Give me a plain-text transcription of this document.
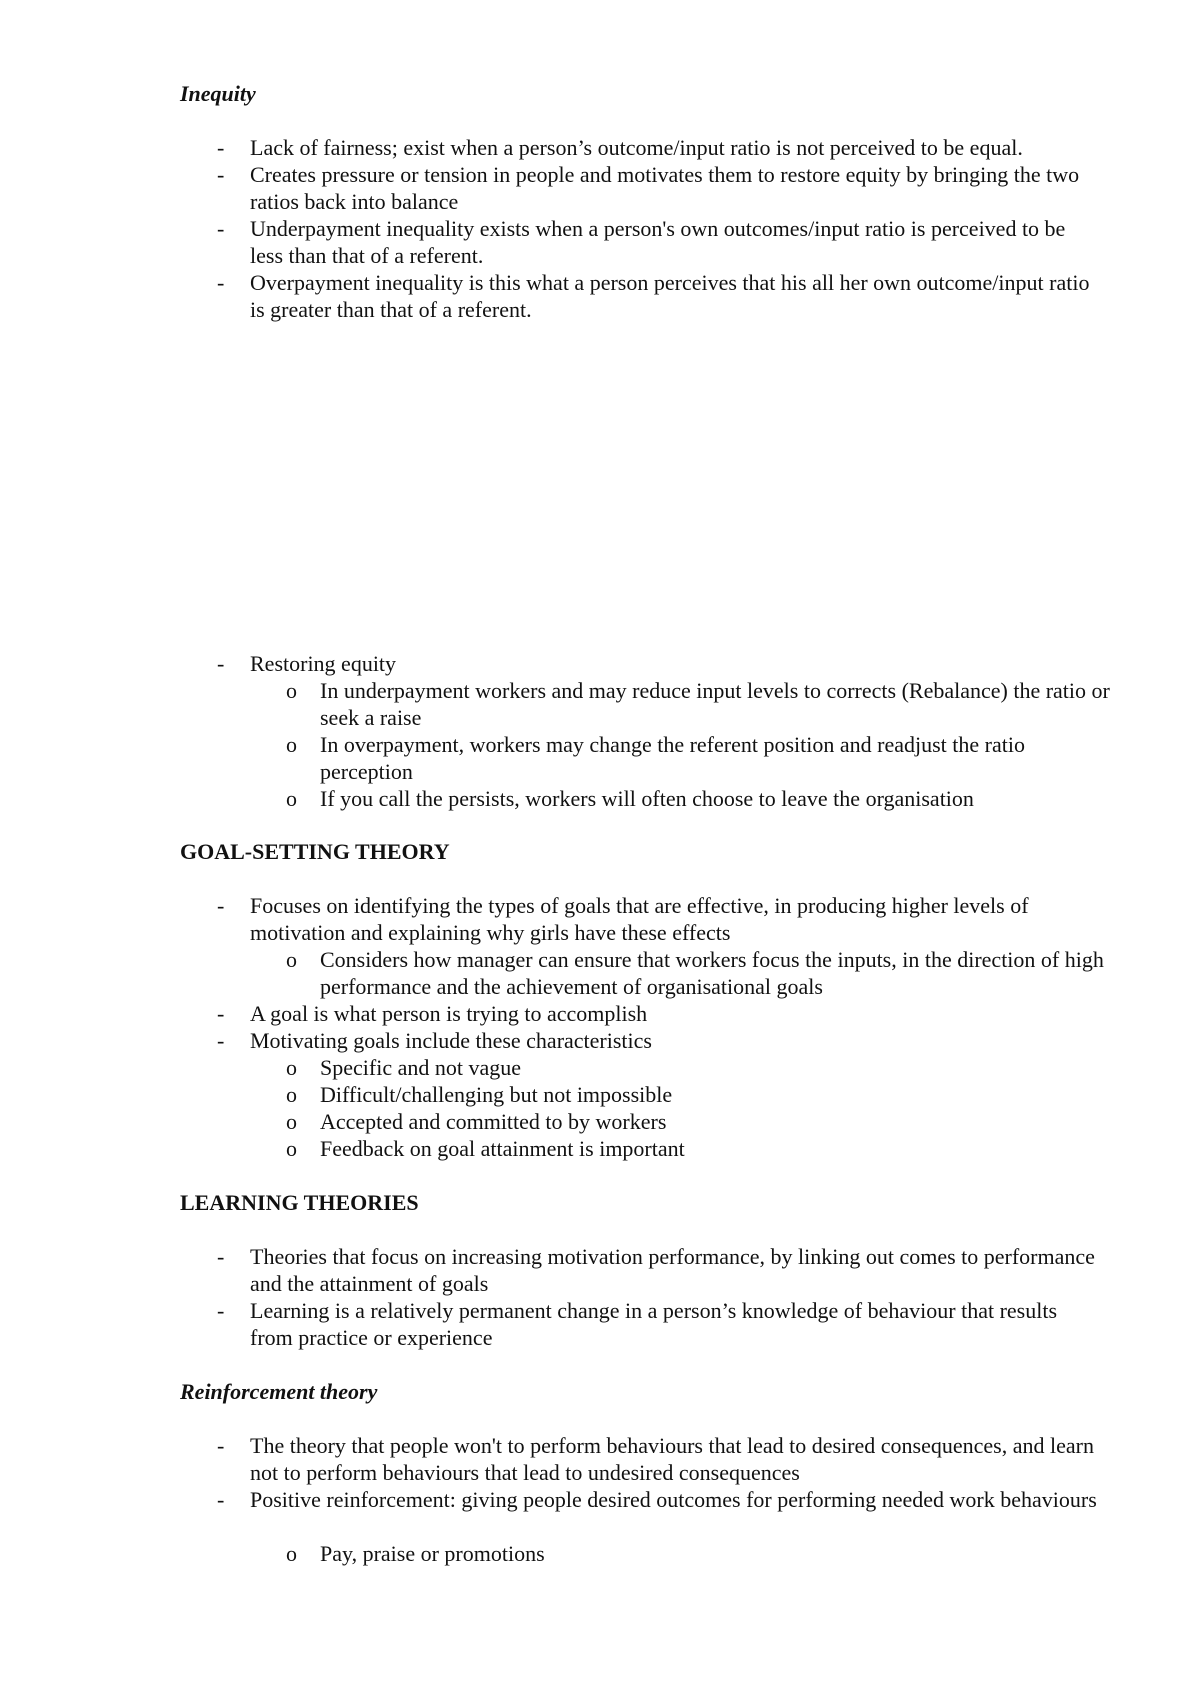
Inequity
- Lack of fairness; exist when a person’s outcome/input ratio is not perceived to be equal.
- Creates pressure or tension in people and motivates them to restore equity by bringing the two ratios back into balance
- Underpayment inequality exists when a person's own outcomes/input ratio is perceived to be less than that of a referent.
- Overpayment inequality is this what a person perceives that his all her own outcome/input ratio is greater than that of a referent.
- Restoring equity
o In underpayment workers and may reduce input levels to corrects (Rebalance) the ratio or seek a raise
o In overpayment, workers may change the referent position and readjust the ratio perception
o If you call the persists, workers will often choose to leave the organisation
GOAL-SETTING THEORY
- Focuses on identifying the types of goals that are effective, in producing higher levels of motivation and explaining why girls have these effects
o Considers how manager can ensure that workers focus the inputs, in the direction of high performance and the achievement of organisational goals
- A goal is what person is trying to accomplish
- Motivating goals include these characteristics
o Specific and not vague
o Difficult/challenging but not impossible
o Accepted and committed to by workers
o Feedback on goal attainment is important
LEARNING THEORIES
- Theories that focus on increasing motivation performance, by linking out comes to performance and the attainment of goals
- Learning is a relatively permanent change in a person’s knowledge of behaviour that results from practice or experience
Reinforcement theory
- The theory that people won't to perform behaviours that lead to desired consequences, and learn not to perform behaviours that lead to undesired consequences
- Positive reinforcement: giving people desired outcomes for performing needed work behaviours
o Pay, praise or promotions
